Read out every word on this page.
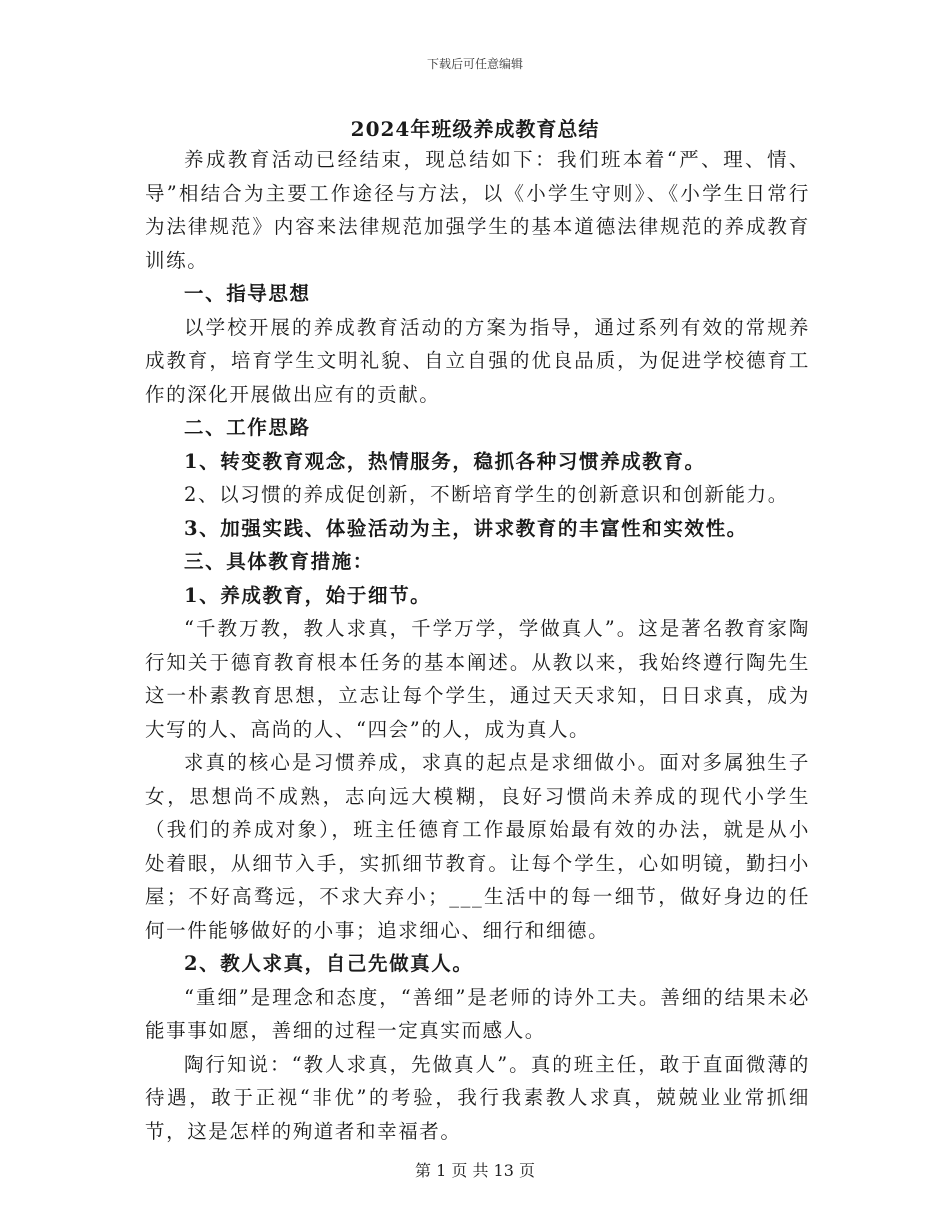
下载后可任意编辑
2024年班级养成教育总结

养成教育活动已经结束，现总结如下：我们班本着“严、理、情、导”相结合为主要工作途径与方法，以《小学生守则》、《小学生日常行为法律规范》内容来法律规范加强学生的基本道德法律规范的养成教育训练。

一、指导思想

以学校开展的养成教育活动的方案为指导，通过系列有效的常规养成教育，培育学生文明礼貌、自立自强的优良品质，为促进学校德育工作的深化开展做出应有的贡献。

二、工作思路

1、转变教育观念，热情服务，稳抓各种习惯养成教育。

2、以习惯的养成促创新，不断培育学生的创新意识和创新能力。

3、加强实践、体验活动为主，讲求教育的丰富性和实效性。

三、具体教育措施：

1、养成教育，始于细节。

“千教万教，教人求真，千学万学，学做真人”。这是著名教育家陶行知关于德育教育根本任务的基本阐述。从教以来，我始终遵行陶先生这一朴素教育思想，立志让每个学生，通过天天求知，日日求真，成为大写的人、高尚的人、“四会”的人，成为真人。

求真的核心是习惯养成，求真的起点是求细做小。面对多属独生子女，思想尚不成熟，志向远大模糊，良好习惯尚未养成的现代小学生（我们的养成对象），班主任德育工作最原始最有效的办法，就是从小处着眼，从细节入手，实抓细节教育。让每个学生，心如明镜，勤扫小屋；不好高骛远，不求大弃小；___生活中的每一细节，做好身边的任何一件能够做好的小事；追求细心、细行和细德。

2、教人求真，自己先做真人。

“重细”是理念和态度，“善细”是老师的诗外工夫。善细的结果未必能事事如愿，善细的过程一定真实而感人。

陶行知说：“教人求真，先做真人”。真的班主任，敢于直面微薄的待遇，敢于正视“非优”的考验，我行我素教人求真，兢兢业业常抓细节，这是怎样的殉道者和幸福者。

第 1 页 共 13 页
